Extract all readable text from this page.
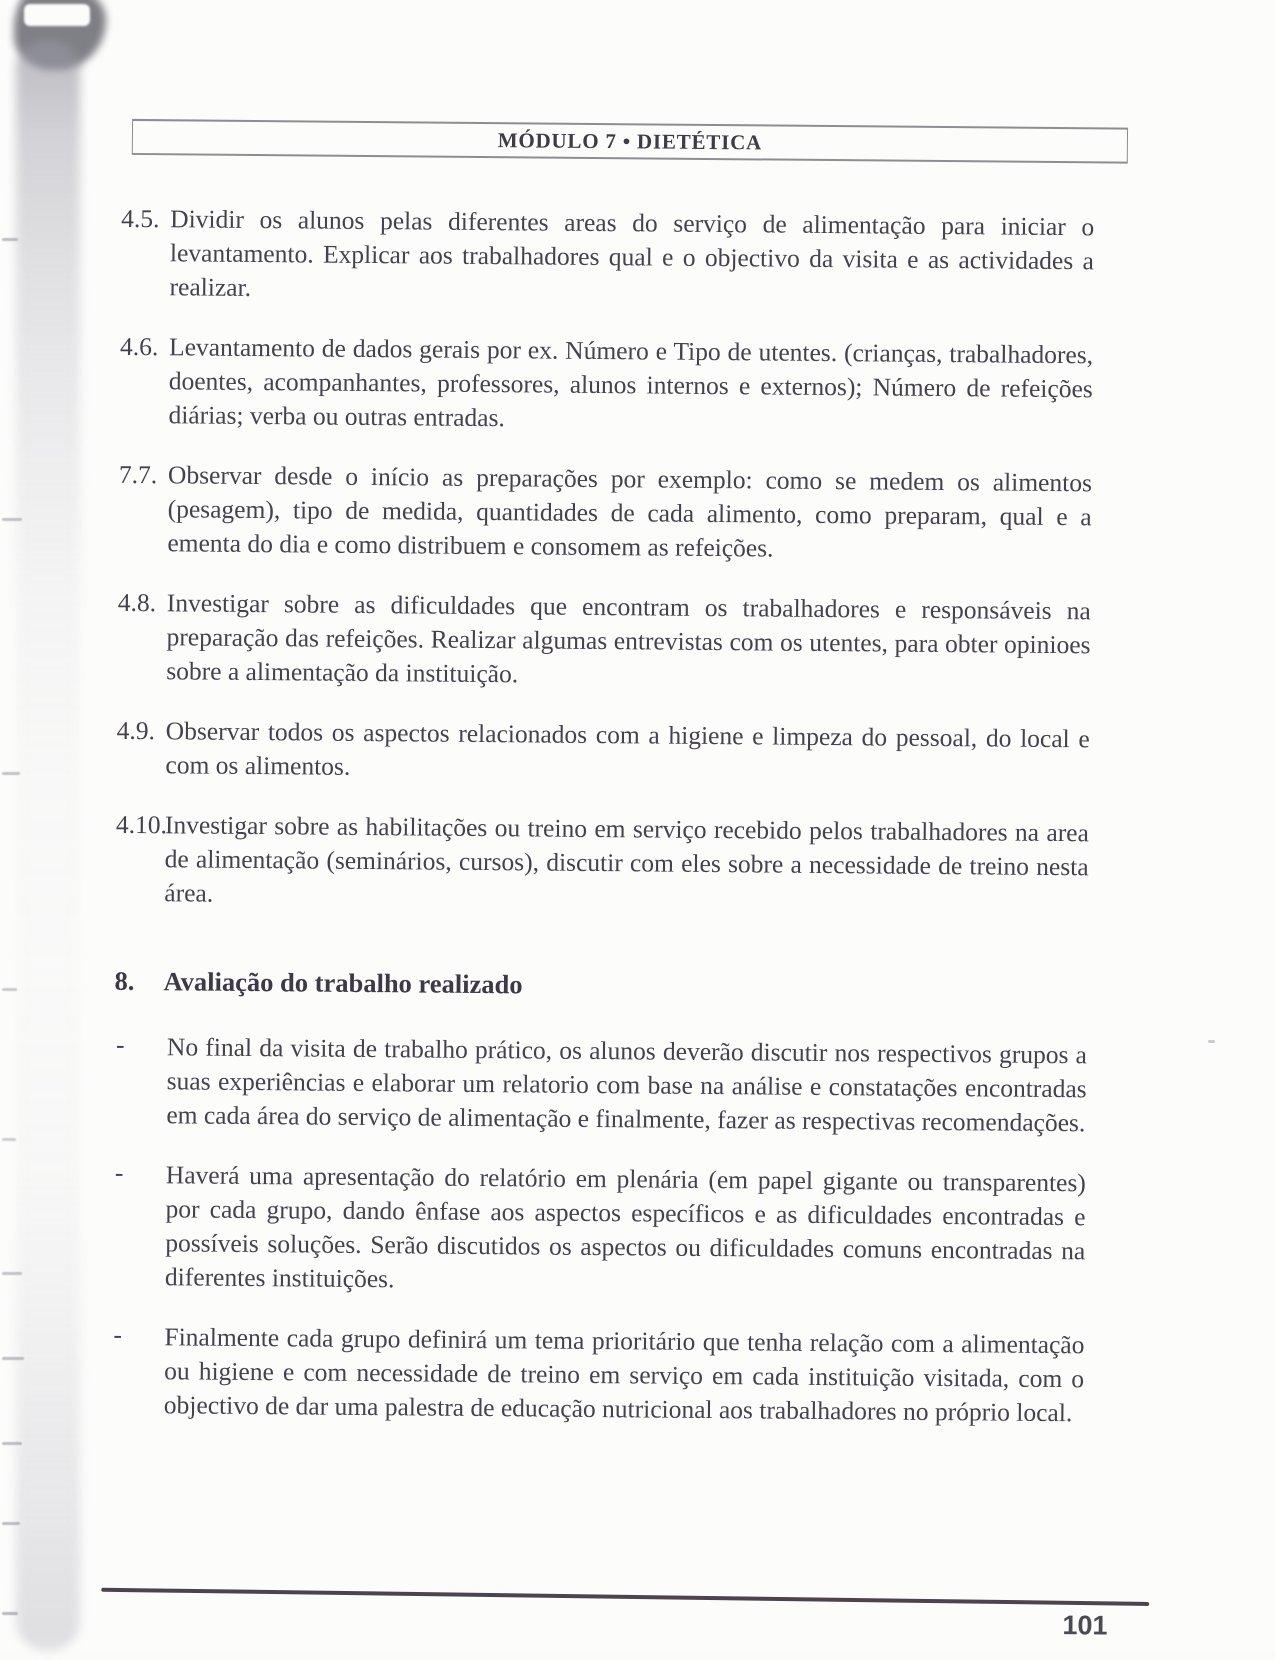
MÓDULO 7 • DIETÉTICA
4.5. Dividir os alunos pelas diferentes areas do serviço de alimentação para iniciar o levantamento. Explicar aos trabalhadores qual e o objectivo da visita e as actividades a realizar.
4.6. Levantamento de dados gerais por ex. Número e Tipo de utentes. (crianças, trabalhadores, doentes, acompanhantes, professores, alunos internos e externos); Número de refeições diárias; verba ou outras entradas.
7.7. Observar desde o início as preparações por exemplo: como se medem os alimentos (pesagem), tipo de medida, quantidades de cada alimento, como preparam, qual e a ementa do dia e como distribuem e consomem as refeições.
4.8. Investigar sobre as dificuldades que encontram os trabalhadores e responsáveis na preparação das refeições. Realizar algumas entrevistas com os utentes, para obter opinioes sobre a alimentação da instituição.
4.9. Observar todos os aspectos relacionados com a higiene e limpeza do pessoal, do local e com os alimentos.
4.10.
Investigar sobre as habilitações ou treino em serviço recebido pelos trabalhadores na area de alimentação (seminários, cursos), discutir com eles sobre a necessidade de treino nesta área.
8. Avaliação do trabalho realizado
- No final da visita de trabalho prático, os alunos deverão discutir nos respectivos grupos a suas experiências e elaborar um relatorio com base na análise e constatações encontradas em cada área do serviço de alimentação e finalmente, fazer as respectivas recomendações.
- Haverá uma apresentação do relatório em plenária (em papel gigante ou transparentes) por cada grupo, dando ênfase aos aspectos específicos e as dificuldades encontradas e possíveis soluções. Serão discutidos os aspectos ou dificuldades comuns encontradas na diferentes instituições.
- Finalmente cada grupo definirá um tema prioritário que tenha relação com a alimentação ou higiene e com necessidade de treino em serviço em cada instituição visitada, com o objectivo de dar uma palestra de educação nutricional aos trabalhadores no próprio local.
101
